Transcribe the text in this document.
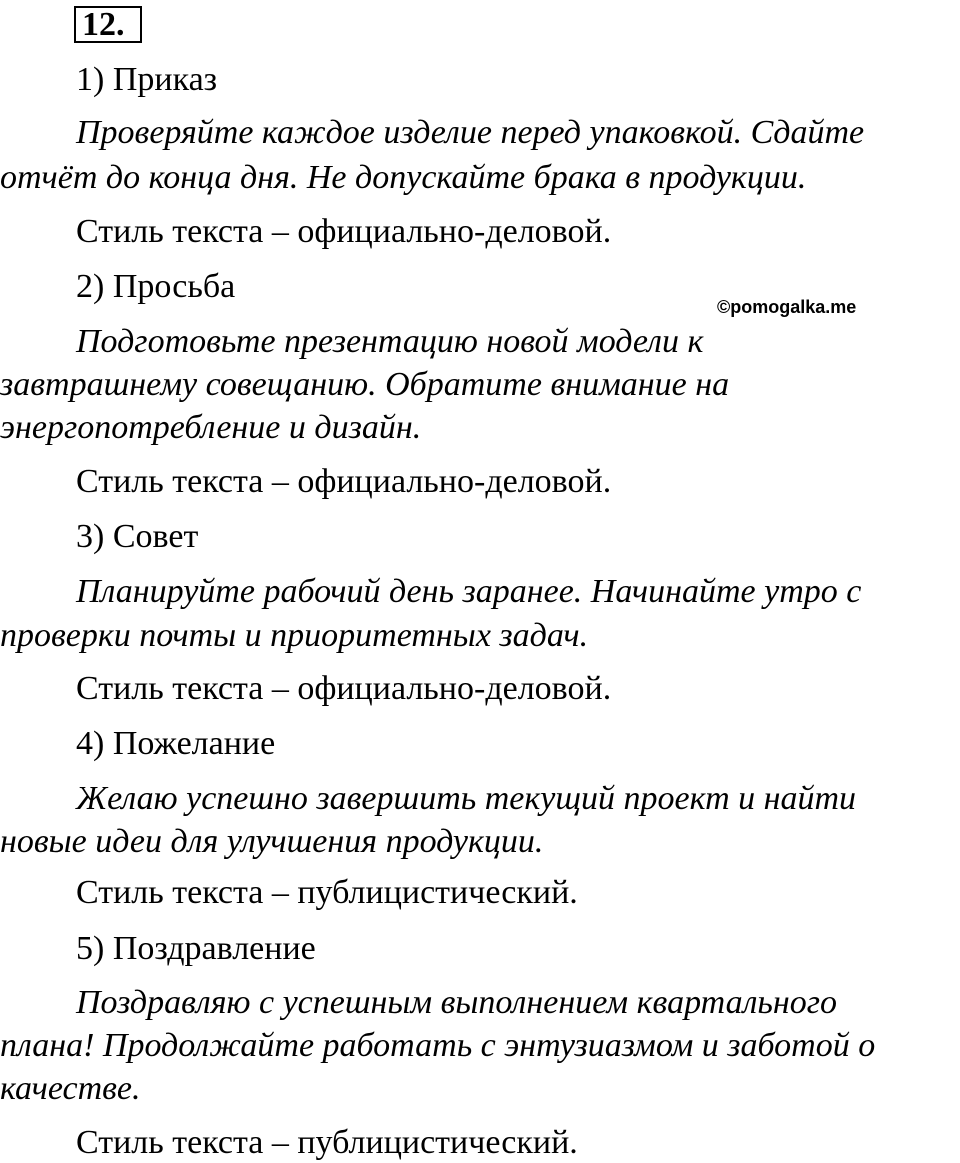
12.
©pomogalka.me
1) Приказ
Проверяйте каждое изделие перед упаковкой. Сдайте
отчёт до конца дня. Не допускайте брака в продукции.
Стиль текста – официально-деловой.
2) Просьба
Подготовьте презентацию новой модели к
завтрашнему совещанию. Обратите внимание на
энергопотребление и дизайн.
Стиль текста – официально-деловой.
3) Совет
Планируйте рабочий день заранее. Начинайте утро с
проверки почты и приоритетных задач.
Стиль текста – официально-деловой.
4) Пожелание
Желаю успешно завершить текущий проект и найти
новые идеи для улучшения продукции.
Стиль текста – публицистический.
5) Поздравление
Поздравляю с успешным выполнением квартального
плана! Продолжайте работать с энтузиазмом и заботой о
качестве.
Стиль текста – публицистический.
